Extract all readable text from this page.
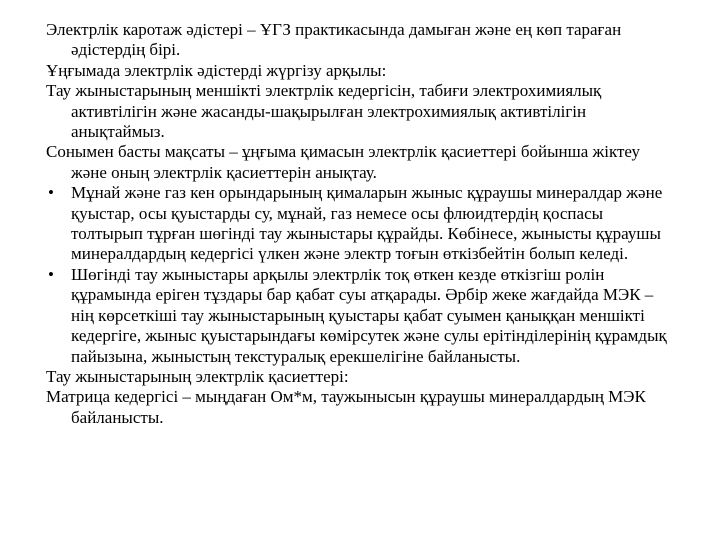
Электрлік каротаж әдістері – ҰГЗ практикасында дамыған және ең көп тараған әдістердің бірі.

Ұңғымада электрлік әдістерді жүргізу арқылы:

Тау жыныстарының меншікті электрлік кедергісін, табиғи электрохимиялық активтілігін және жасанды-шақырылған электрохимиялық активтілігін анықтаймыз.

Сонымен басты мақсаты – ұңғыма қимасын электрлік қасиеттері бойынша жіктеу және оның электрлік қасиеттерін анықтау.

•	Мұнай және газ кен орындарының қималарын жыныс құраушы минералдар және қуыстар, осы қуыстарды су, мұнай, газ немесе осы флюидтердің қоспасы толтырып тұрған шөгінді тау жыныстары құрайды. Көбінесе, жынысты құраушы минералдардың кедергісі үлкен және электр тоғын өткізбейтін болып келеді.
•	Шөгінді тау жыныстары арқылы электрлік тоқ өткен кезде өткізгіш ролін құрамында еріген тұздары бар қабат суы атқарады. Әрбір жеке жағдайда МЭК – нің көрсеткіші тау жыныстарының қуыстары қабат суымен қаныққан меншікті кедергіге, жыныс қуыстарындағы көмірсутек және сулы ерітінділерінің құрамдық пайызына, жыныстың текстуралық ерекшелігіне байланысты.

Тау жыныстарының электрлік қасиеттері:

Матрица кедергісі – мыңдаған Ом*м, таужынысын құраушы минералдардың МЭК байланысты.
